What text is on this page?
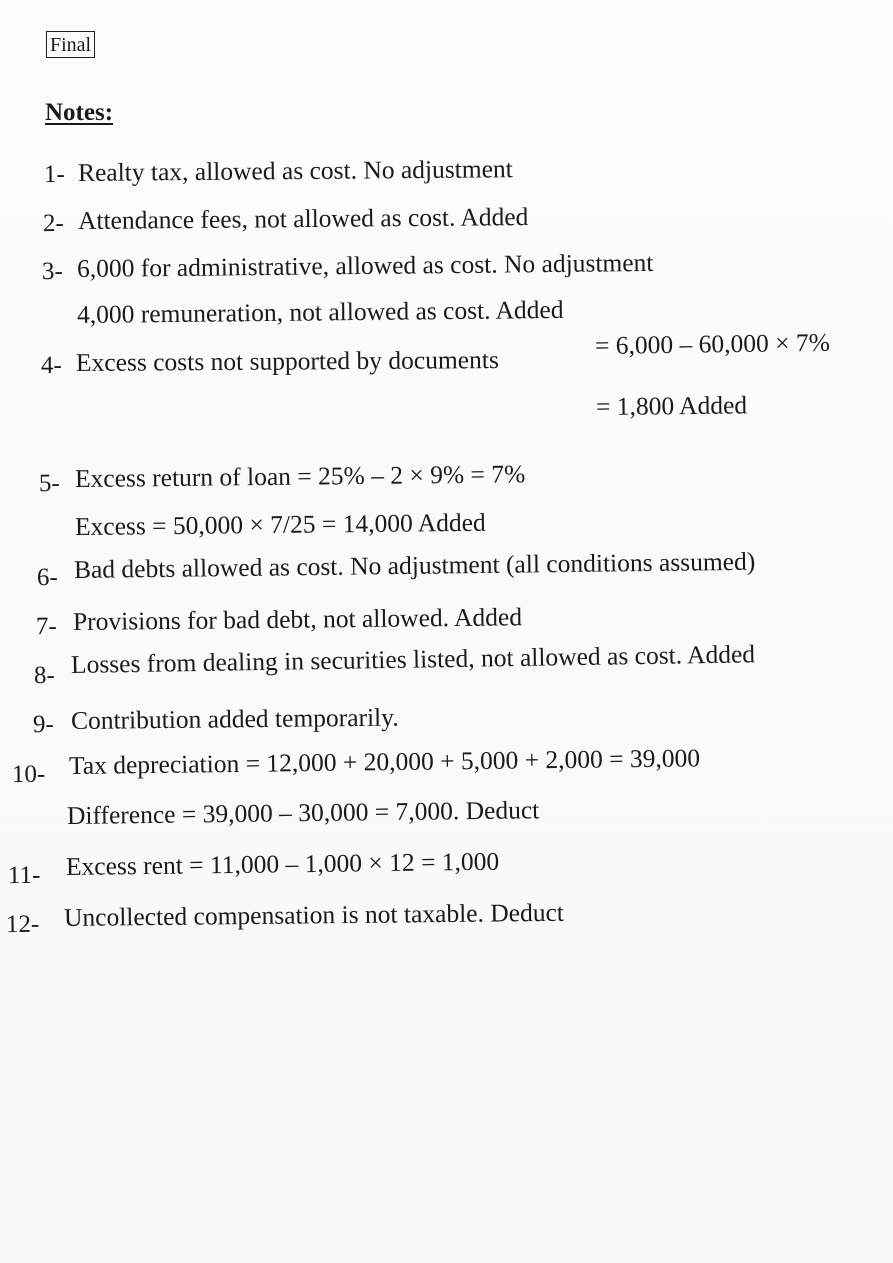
Final
Notes:
1- Realty tax, allowed as cost. No adjustment
2- Attendance fees, not allowed as cost. Added
3- 6,000 for administrative, allowed as cost. No adjustment
4,000 remuneration, not allowed as cost. Added
4- Excess costs not supported by documents
= 6,000 – 60,000 × 7%
= 1,800 Added
5- Excess return of loan = 25% – 2 × 9% = 7%
Excess = 50,000 × 7/25 = 14,000 Added
6- Bad debts allowed as cost. No adjustment (all conditions assumed)
7- Provisions for bad debt, not allowed. Added
8- Losses from dealing in securities listed, not allowed as cost. Added
9- Contribution added temporarily.
10- Tax depreciation = 12,000 + 20,000 + 5,000 + 2,000 = 39,000
Difference = 39,000 – 30,000 = 7,000. Deduct
11- Excess rent = 11,000 – 1,000 × 12 = 1,000
12- Uncollected compensation is not taxable. Deduct
